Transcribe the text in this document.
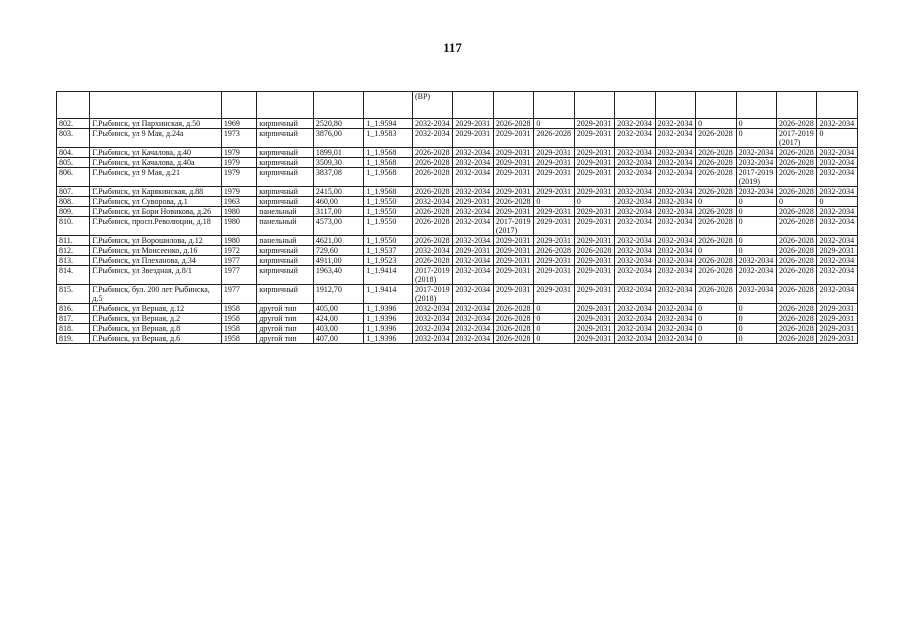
117
						(ВР)										
802.	Г.Рыбинск, ул Пархинская, д.50	1969	кирпичный	2520,80	1_1.9594	2032-2034	2029-2031	2026-2028	0	2029-2031	2032-2034	2032-2034	0	0	2026-2028	2032-2034
803.	Г.Рыбинск, ул 9 Мая, д.24а	1973	кирпичный	3876,00	1_1.9583	2032-2034	2029-2031	2029-2031	2026-2028	2029-2031	2032-2034	2032-2034	2026-2028	0	2017-2019 (2017)	0
804.	Г.Рыбинск, ул Качалова, д.40	1979	кирпичный	1899,01	1_1.9568	2026-2028	2032-2034	2029-2031	2029-2031	2029-2031	2032-2034	2032-2034	2026-2028	2032-2034	2026-2028	2032-2034
805.	Г.Рыбинск, ул Качалова, д.40а	1979	кирпичный	3509,30	1_1.9568	2026-2028	2032-2034	2029-2031	2029-2031	2029-2031	2032-2034	2032-2034	2026-2028	2032-2034	2026-2028	2032-2034
806.	Г.Рыбинск, ул 9 Мая, д.21	1979	кирпичный	3837,08	1_1.9568	2026-2028	2032-2034	2029-2031	2029-2031	2029-2031	2032-2034	2032-2034	2026-2028	2017-2019 (2019)	2026-2028	2032-2034
807.	Г.Рыбинск, ул Карякинская, д.88	1979	кирпичный	2415,00	1_1.9568	2026-2028	2032-2034	2029-2031	2029-2031	2029-2031	2032-2034	2032-2034	2026-2028	2032-2034	2026-2028	2032-2034
808.	Г.Рыбинск, ул Суворова, д.1	1963	кирпичный	460,00	1_1.9550	2032-2034	2029-2031	2026-2028	0	0	2032-2034	2032-2034	0	0	0	0
809.	Г.Рыбинск, ул Бори Новикова, д.26	1980	панельный	3117,00	1_1.9550	2026-2028	2032-2034	2029-2031	2029-2031	2029-2031	2032-2034	2032-2034	2026-2028	0	2026-2028	2032-2034
810.	Г.Рыбинск, просп.Революции, д.18	1980	панельный	4573,00	1_1.9550	2026-2028	2032-2034	2017-2019 (2017)	2029-2031	2029-2031	2032-2034	2032-2034	2026-2028	0	2026-2028	2032-2034
811.	Г.Рыбинск, ул Ворошилова, д.12	1980	панельный	4621,00	1_1.9550	2026-2028	2032-2034	2029-2031	2029-2031	2029-2031	2032-2034	2032-2034	2026-2028	0	2026-2028	2032-2034
812.	Г.Рыбинск, ул Моисеенко, д.16	1972	кирпичный	729,60	1_1.9537	2032-2034	2029-2031	2029-2031	2026-2028	2026-2028	2032-2034	2032-2034	0	0	2026-2028	2029-2031
813.	Г.Рыбинск, ул Плеханова, д.34	1977	кирпичный	4911,00	1_1.9523	2026-2028	2032-2034	2029-2031	2029-2031	2029-2031	2032-2034	2032-2034	2026-2028	2032-2034	2026-2028	2032-2034
814.	Г.Рыбинск, ул Звездная, д.8/1	1977	кирпичный	1963,40	1_1.9414	2017-2019 (2018)	2032-2034	2029-2031	2029-2031	2029-2031	2032-2034	2032-2034	2026-2028	2032-2034	2026-2028	2032-2034
815.	Г.Рыбинск, бул. 200 лет Рыбинска, д.5	1977	кирпичный	1912,70	1_1.9414	2017-2019 (2018)	2032-2034	2029-2031	2029-2031	2029-2031	2032-2034	2032-2034	2026-2028	2032-2034	2026-2028	2032-2034
816.	Г.Рыбинск, ул Верная, д.12	1958	другой тип	405,00	1_1.9396	2032-2034	2032-2034	2026-2028	0	2029-2031	2032-2034	2032-2034	0	0	2026-2028	2029-2031
817.	Г.Рыбинск, ул Верная, д.2	1958	другой тип	424,00	1_1.9396	2032-2034	2032-2034	2026-2028	0	2029-2031	2032-2034	2032-2034	0	0	2026-2028	2029-2031
818.	Г.Рыбинск, ул Верная, д.8	1958	другой тип	403,00	1_1.9396	2032-2034	2032-2034	2026-2028	0	2029-2031	2032-2034	2032-2034	0	0	2026-2028	2029-2031
819.	Г.Рыбинск, ул Верная, д.6	1958	другой тип	407,00	1_1.9396	2032-2034	2032-2034	2026-2028	0	2029-2031	2032-2034	2032-2034	0	0	2026-2028	2029-2031
